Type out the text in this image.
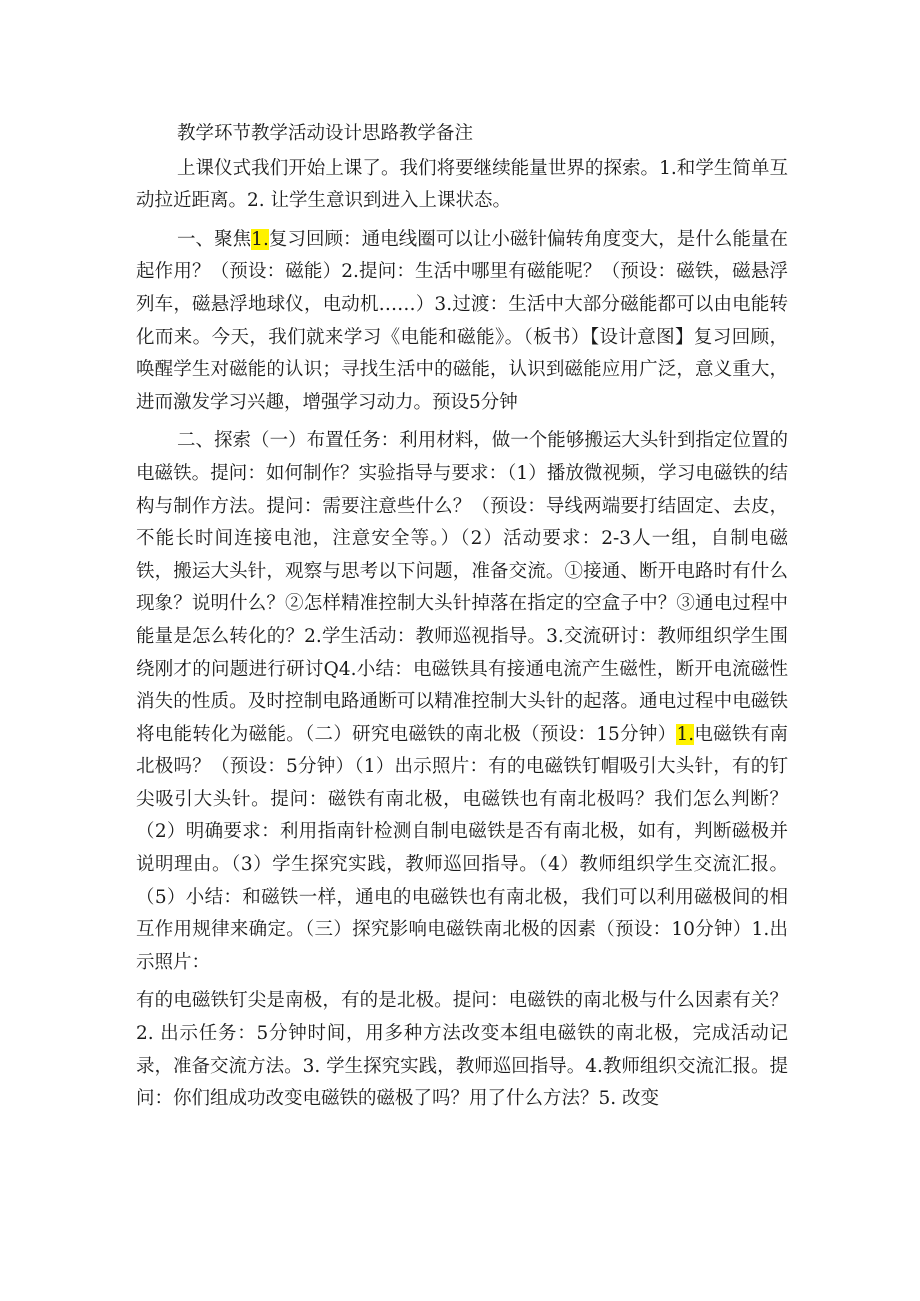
教学环节教学活动设计思路教学备注

上课仪式我们开始上课了。我们将要继续能量世界的探索。1.和学生简单互动拉近距离。2. 让学生意识到进入上课状态。

一、聚焦1.复习回顾：通电线圈可以让小磁针偏转角度变大，是什么能量在起作用？（预设：磁能）2.提问：生活中哪里有磁能呢？（预设：磁铁，磁悬浮列车，磁悬浮地球仪，电动机……）3.过渡：生活中大部分磁能都可以由电能转化而来。今天，我们就来学习《电能和磁能》。（板书）【设计意图】复习回顾，唤醒学生对磁能的认识；寻找生活中的磁能，认识到磁能应用广泛，意义重大，进而激发学习兴趣，增强学习动力。预设5分钟

二、探索（一）布置任务：利用材料，做一个能够搬运大头针到指定位置的电磁铁。提问：如何制作？实验指导与要求：（1）播放微视频，学习电磁铁的结构与制作方法。提问：需要注意些什么？（预设：导线两端要打结固定、去皮，不能长时间连接电池，注意安全等。）（2）活动要求：2-3人一组，自制电磁铁，搬运大头针，观察与思考以下问题，准备交流。①接通、断开电路时有什么现象？说明什么？②怎样精准控制大头针掉落在指定的空盒子中？③通电过程中能量是怎么转化的？2.学生活动：教师巡视指导。3.交流研讨：教师组织学生围绕刚才的问题进行研讨Q4.小结：电磁铁具有接通电流产生磁性，断开电流磁性消失的性质。及时控制电路通断可以精准控制大头针的起落。通电过程中电磁铁将电能转化为磁能。（二）研究电磁铁的南北极（预设：15分钟）1.电磁铁有南北极吗？（预设：5分钟）（1）出示照片：有的电磁铁钉帽吸引大头针，有的钉尖吸引大头针。提问：磁铁有南北极，电磁铁也有南北极吗？我们怎么判断？（2）明确要求：利用指南针检测自制电磁铁是否有南北极，如有，判断磁极并说明理由。（3）学生探究实践，教师巡回指导。（4）教师组织学生交流汇报。（5）小结：和磁铁一样，通电的电磁铁也有南北极，我们可以利用磁极间的相互作用规律来确定。（三）探究影响电磁铁南北极的因素（预设：10分钟）1.出示照片：

有的电磁铁钉尖是南极，有的是北极。提问：电磁铁的南北极与什么因素有关？2. 出示任务：5分钟时间，用多种方法改变本组电磁铁的南北极，完成活动记录，准备交流方法。3. 学生探究实践，教师巡回指导。4.教师组织交流汇报。提问：你们组成功改变电磁铁的磁极了吗？用了什么方法？5. 改变
